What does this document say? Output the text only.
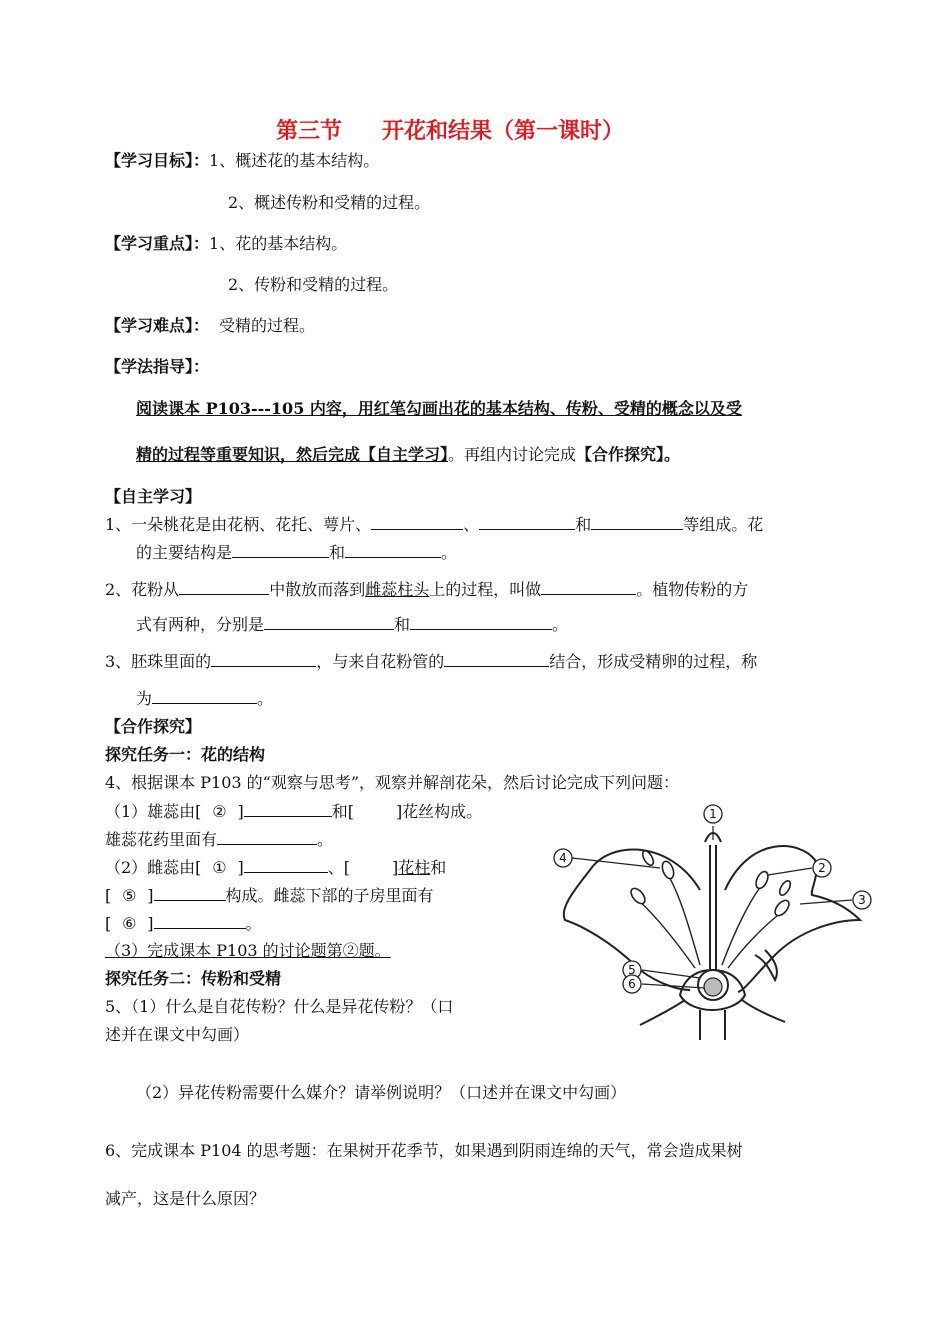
第三节 开花和结果（第一课时）
【学习目标】：1、概述花的基本结构。
2、概述传粉和受精的过程。
【学习重点】：1、花的基本结构。
2、传粉和受精的过程。
【学习难点】： 受精的过程。
【学法指导】：
阅读课本 P103---105 内容，用红笔勾画出花的基本结构、传粉、受精的概念以及受
精的过程等重要知识，然后完成【自主学习】。再组内讨论完成【合作探究】。
【自主学习】
1、一朵桃花是由花柄、花托、萼片、	、	和	等组成。花
的主要结构是	和	。
2、花粉从	中散放而落到雌蕊柱头上的过程，叫做	。植物传粉的方
式有两种，分别是	和	。
3、胚珠里面的	，与来自花粉管的	结合，形成受精卵的过程，称
为	。
【合作探究】
探究任务一：花的结构
4、根据课本 P103 的“观察与思考”，观察并解剖花朵，然后讨论完成下列问题：
（1）雄蕊由[ ② ]	和[	]花丝构成。
雄蕊花药里面有	。
（2）雌蕊由[ ① ]	、[	]花柱和
[ ⑤ ]	构成。雌蕊下部的子房里面有
[ ⑥ ]	。
（3）完成课本 P103 的讨论题第②题。
探究任务二：传粉和受精
5、（1）什么是自花传粉？什么是异花传粉？（口
述并在课文中勾画）
（2）异花传粉需要什么媒介？请举例说明？（口述并在课文中勾画）
6、完成课本 P104 的思考题：在果树开花季节，如果遇到阴雨连绵的天气，常会造成果树
减产，这是什么原因？
1
4
2
3
5
6
